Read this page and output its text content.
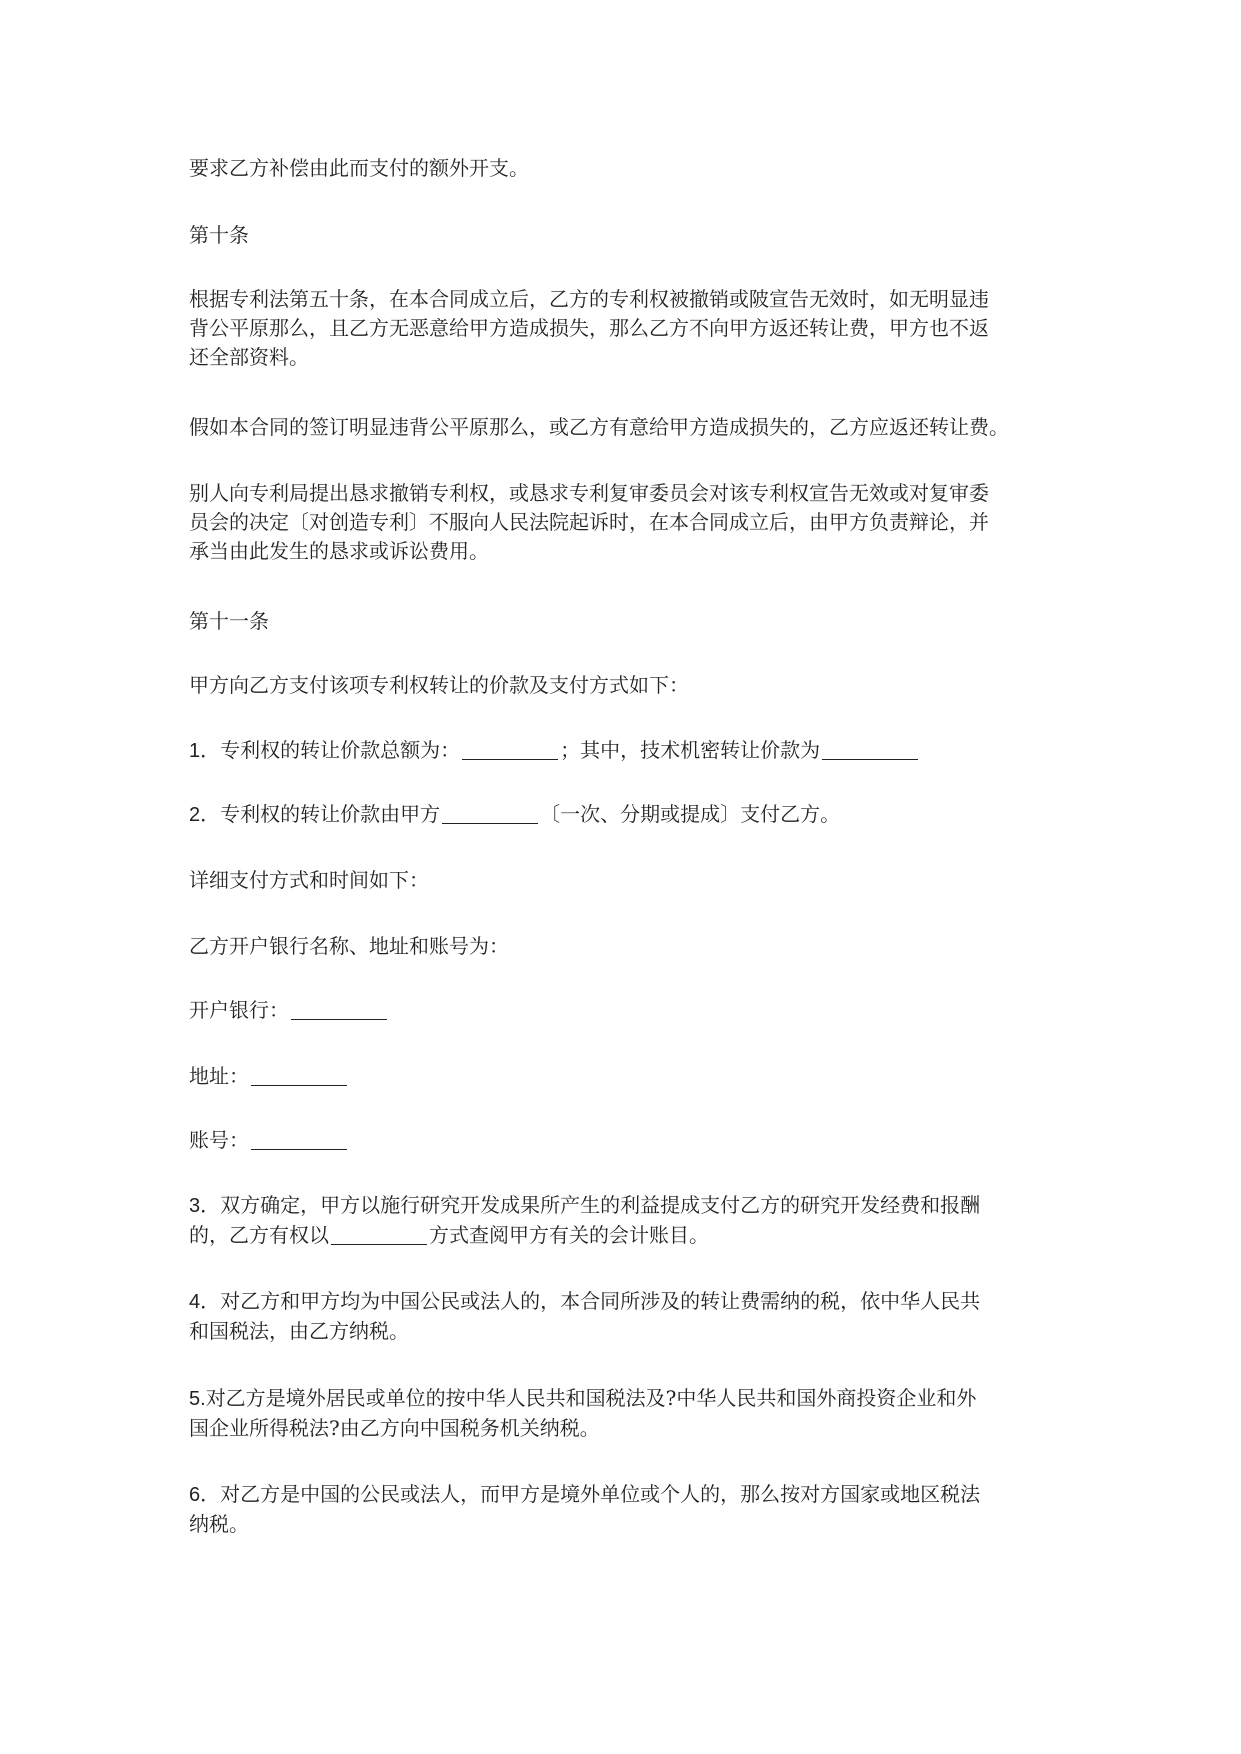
要求乙方补偿由此而支付的额外开支。

第十条

根据专利法第五十条，在本合同成立后，乙方的专利权被撤销或陂宣告无效时，如无明显违
背公平原那么，且乙方无恶意给甲方造成损失，那么乙方不向甲方返还转让费，甲方也不返
还全部资料。

假如本合同的签订明显违背公平原那么，或乙方有意给甲方造成损失的，乙方应返还转让费。

别人向专利局提出恳求撤销专利权，或恳求专利复审委员会对该专利权宣告无效或对复审委
员会的决定〔对创造专利〕不服向人民法院起诉时，在本合同成立后，由甲方负责辩论，并
承当由此发生的恳求或诉讼费用。

第十一条

甲方向乙方支付该项专利权转让的价款及支付方式如下：

1．专利权的转让价款总额为：	；其中，技术机密转让价款为

2．专利权的转让价款由甲方	〔一次、分期或提成〕支付乙方。

详细支付方式和时间如下：

乙方开户银行名称、地址和账号为：

开户银行：

地址：

账号：

3．双方确定，甲方以施行研究开发成果所产生的利益提成支付乙方的研究开发经费和报酬
的，乙方有权以	方式查阅甲方有关的会计账目。

4．对乙方和甲方均为中国公民或法人的，本合同所涉及的转让费需纳的税，依中华人民共
和国税法，由乙方纳税。

5.对乙方是境外居民或单位的按中华人民共和国税法及?中华人民共和国外商投资企业和外
国企业所得税法?由乙方向中国税务机关纳税。

6．对乙方是中国的公民或法人，而甲方是境外单位或个人的，那么按对方国家或地区税法
纳税。
